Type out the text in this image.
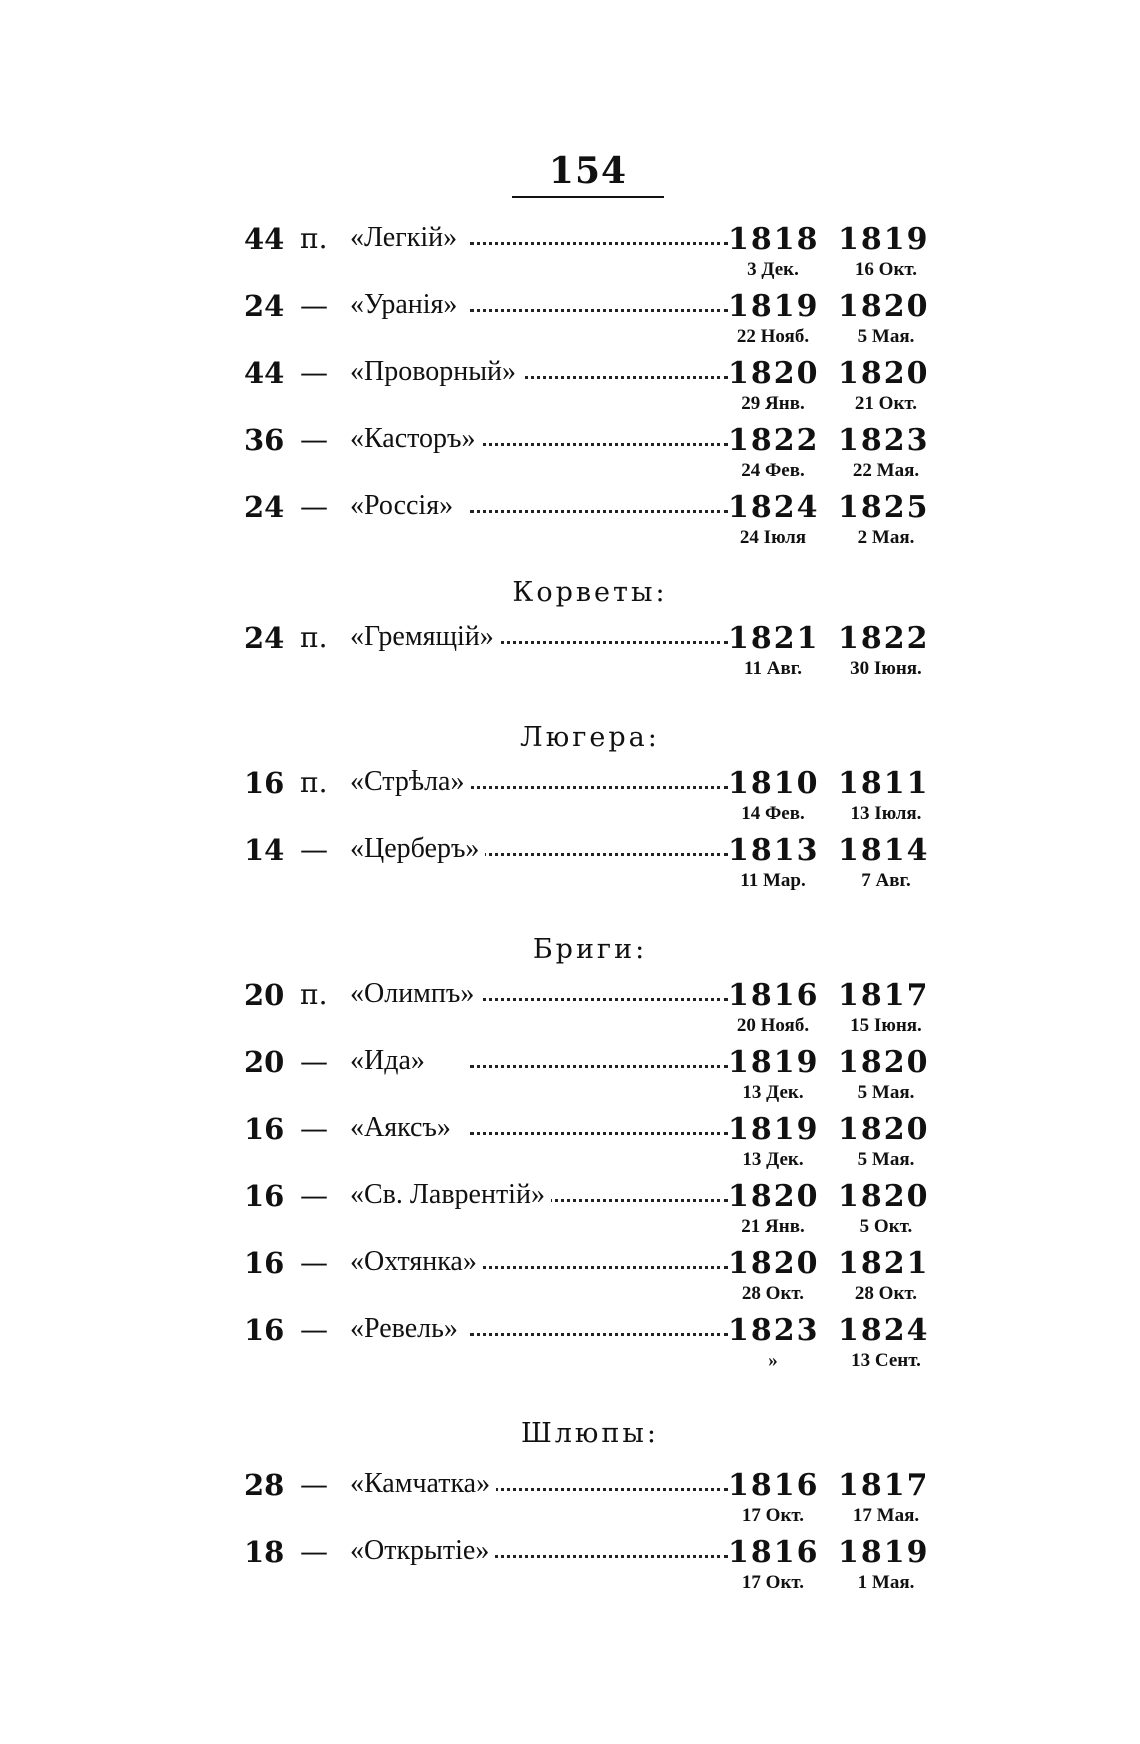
154
44 п. «Легкій»	1818 1819
3 Дек.	16 Окт.
24 — «Уранія»	1819 1820
22 Нояб.	5 Мая.
44 — «Проворный»	1820 1820
29 Янв.	21 Окт.
36 — «Касторъ»	1822 1823
24 Фев.	22 Мая.
24 — «Россія»	1824 1825
24 Іюля	2 Мая.
Корветы:
24 п. «Гремящій»	1821 1822
11 Авг.	30 Іюня.
Люгера:
16 п. «Стрѣла»	1810 1811
14 Фев.	13 Іюля.
14 — «Церберъ»	1813 1814
11 Мар.	7 Авг.
Бриги:
20 п. «Олимпъ»	1816 1817
20 Нояб.	15 Іюня.
20 — «Ида»	1819 1820
13 Дек.	5 Мая.
16 — «Аяксъ»	1819 1820
13 Дек.	5 Мая.
16 — «Св. Лаврентій»	1820 1820
21 Янв.	5 Окт.
16 — «Охтянка»	1820 1821
28 Окт.	28 Окт.
16 — «Ревель»	1823 1824
»	13 Сент.
Шлюпы:
28 — «Камчатка»	1816 1817
17 Окт.	17 Мая.
18 — «Открытіе»	1816 1819
17 Окт.	1 Мая.
